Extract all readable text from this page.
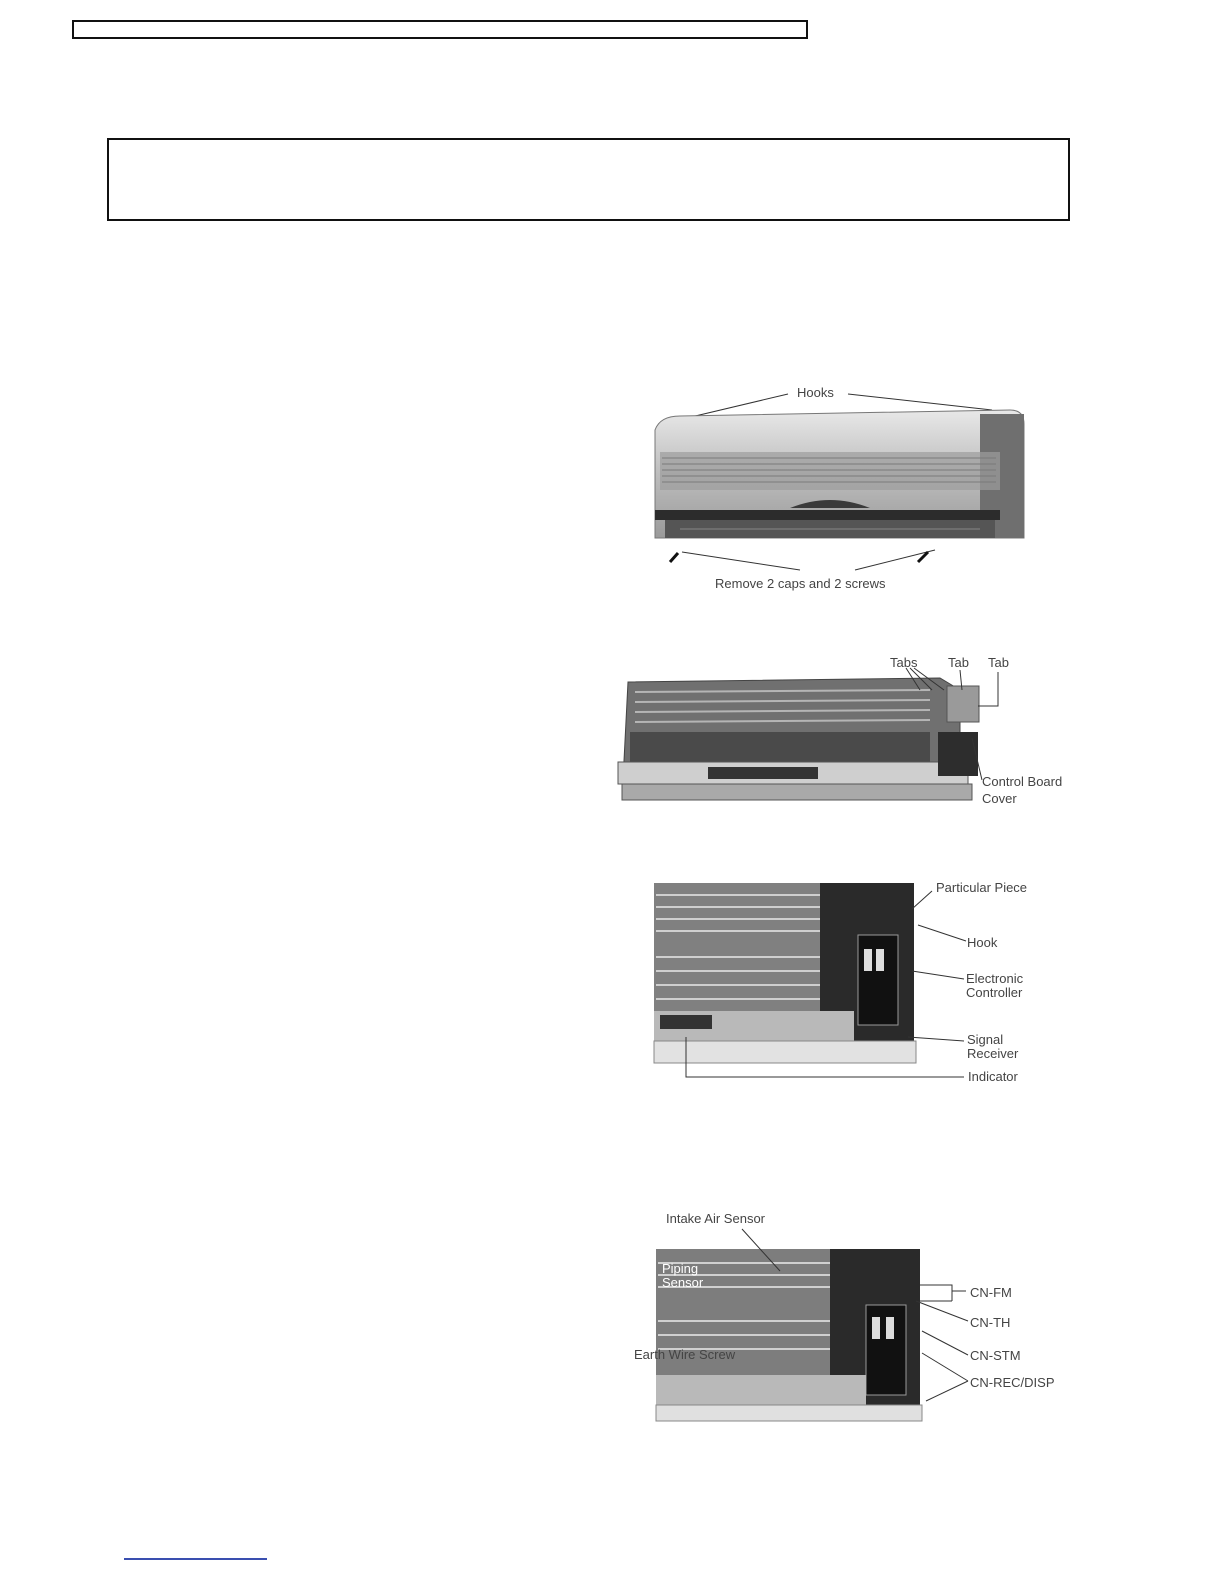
Hooks
Remove 2 caps and 2 screws
Tabs Tab Tab
Control Board
Cover
Particular Piece
Hook
Electronic
Controller
Signal
Receiver
Indicator
Intake Air Sensor
Piping
Sensor
Earth Wire Screw
CN-FM
CN-TH
CN-STM
CN-REC/DISP
